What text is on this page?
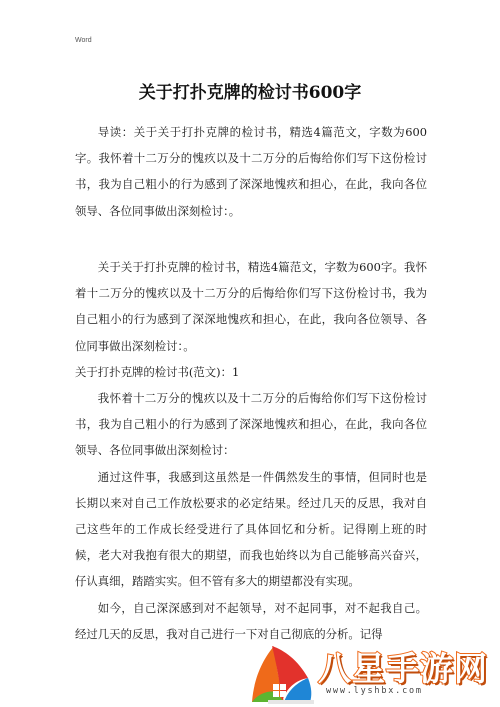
Word
关于打扑克牌的检讨书600字

导读：关于关于打扑克牌的检讨书，精选4篇范文，字数为600字。我怀着十二万分的愧疚以及十二万分的后悔给你们写下这份检讨书，我为自己粗小的行为感到了深深地愧疚和担心，在此，我向各位领导、各位同事做出深刻检讨：。

关于关于打扑克牌的检讨书，精选4篇范文，字数为600字。我怀着十二万分的愧疚以及十二万分的后悔给你们写下这份检讨书，我为自己粗小的行为感到了深深地愧疚和担心，在此，我向各位领导、各位同事做出深刻检讨：。

关于打扑克牌的检讨书(范文)：1

我怀着十二万分的愧疚以及十二万分的后悔给你们写下这份检讨书，我为自己粗小的行为感到了深深地愧疚和担心，在此，我向各位领导、各位同事做出深刻检讨：

通过这件事，我感到这虽然是一件偶然发生的事情，但同时也是长期以来对自己工作放松要求的必定结果。经过几天的反思，我对自己这些年的工作成长经受进行了具体回忆和分析。记得刚上班的时候，老大对我抱有很大的期望，而我也始终以为自己能够高兴奋兴，仔认真细，踏踏实实。但不管有多大的期望都没有实现。

如今，自己深深感到对不起领导，对不起同事，对不起我自己。经过几天的反思，我对自己进行一下对自己彻底的分析。记得

八星手游网
www.lyshbx.com
